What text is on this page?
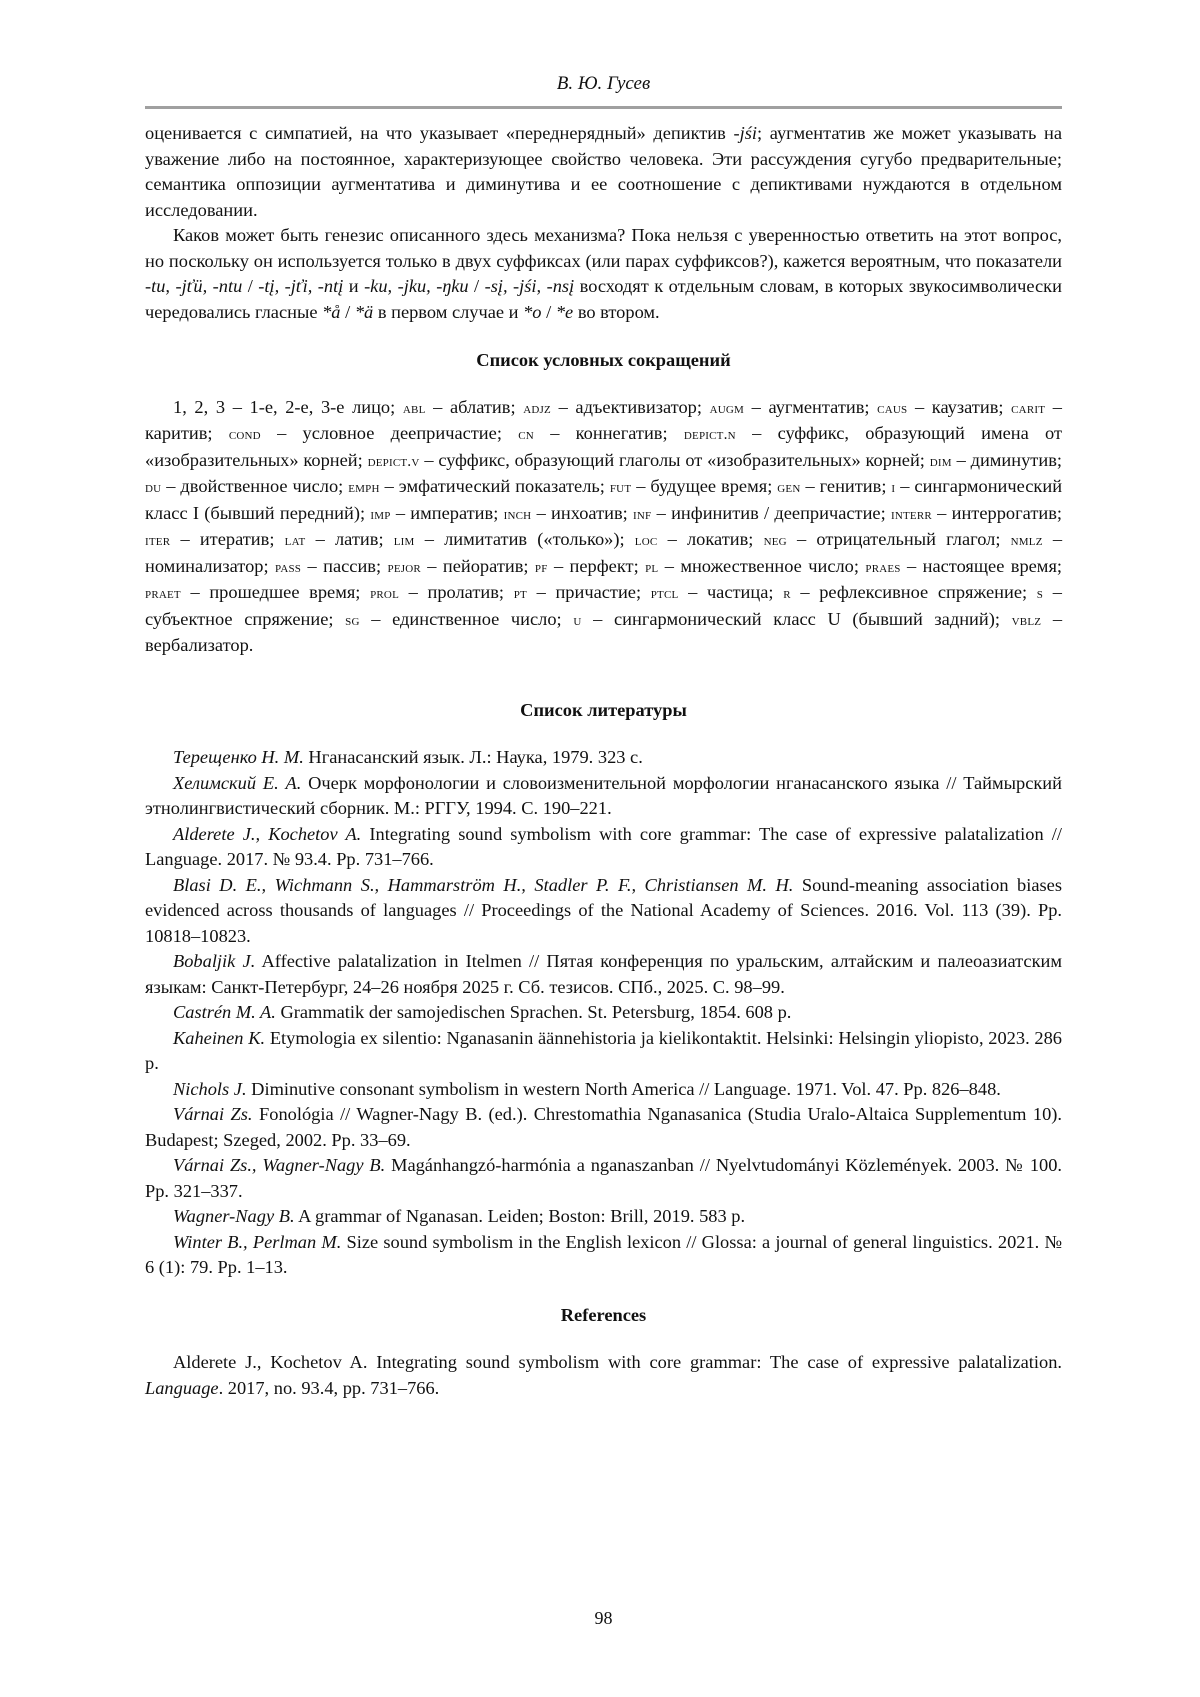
В. Ю. Гусев

оценивается с симпатией, на что указывает «переднерядный» депиктив -jśi; аугментатив же может указывать на уважение либо на постоянное, характеризующее свойство человека. Эти рассуждения сугубо предварительные; семантика оппозиции аугментатива и диминутива и ее соотношение с депиктивами нуждаются в отдельном исследовании.

Каков может быть генезис описанного здесь механизма? Пока нельзя с уверенностью ответить на этот вопрос, но поскольку он используется только в двух суффиксах (или парах суффиксов?), кажется вероятным, что показатели -tu, -jťü, -ntu / -tį, -jťi, -ntį и -ku, -jku, -ŋku / -sį, -jśi, -nsį восходят к отдельным словам, в которых звукосимволически чередовались гласные *å / *ä в первом случае и *o / *e во втором.

Список условных сокращений

1, 2, 3 – 1-е, 2-е, 3-е лицо; abl – аблатив; adjz – адъективизатор; augm – аугментатив; caus – каузатив; carit – каритив; cond – условное деепричастие; cn – коннегатив; depict.n – суффикс, образующий имена от «изобразительных» корней; depict.v – суффикс, образующий глаголы от «изобразительных» корней; dim – диминутив; du – двойственное число; emph – эмфатический показатель; fut – будущее время; gen – генитив; i – сингармонический класс I (бывший передний); imp – императив; inch – инхоатив; inf – инфинитив / деепричастие; interr – интеррогатив; iter – итератив; lat – латив; lim – лимитатив («только»); loc – локатив; neg – отрицательный глагол; nmlz – номинализатор; pass – пассив; pejor – пейоратив; pf – перфект; pl – множественное число; praes – настоящее время; praet – прошедшее время; prol – пролатив; pt – причастие; ptcl – частица; r – рефлексивное спряжение; s – субъектное спряжение; sg – единственное число; u – сингармонический класс U (бывший задний); vblz – вербализатор.

Список литературы

Терещенко Н. М. Нганасанский язык. Л.: Наука, 1979. 323 с.

Хелимский Е. А. Очерк морфонологии и словоизменительной морфологии нганасанского языка // Таймырский этнолингвистический сборник. М.: РГГУ, 1994. С. 190–221.

Alderete J., Kochetov A. Integrating sound symbolism with core grammar: The case of expressive palatalization // Language. 2017. № 93.4. Pp. 731–766.

Blasi D. E., Wichmann S., Hammarström H., Stadler P. F., Christiansen M. H. Sound-meaning association biases evidenced across thousands of languages // Proceedings of the National Academy of Sciences. 2016. Vol. 113 (39). Pp. 10818–10823.

Bobaljik J. Affective palatalization in Itelmen // Пятая конференция по уральским, алтайским и палеоазиатским языкам: Санкт-Петербург, 24–26 ноября 2025 г. Сб. тезисов. СПб., 2025. С. 98–99.

Castrén M. A. Grammatik der samojedischen Sprachen. St. Petersburg, 1854. 608 p.

Kaheinen K. Etymologia ex silentio: Nganasanin äännehistoria ja kielikontaktit. Helsinki: Helsingin yliopisto, 2023. 286 p.

Nichols J. Diminutive consonant symbolism in western North America // Language. 1971. Vol. 47. Pp. 826–848.

Várnai Zs. Fonológia // Wagner-Nagy B. (ed.). Chrestomathia Nganasanica (Studia Uralo-Altaica Supplementum 10). Budapest; Szeged, 2002. Pp. 33–69.

Várnai Zs., Wagner-Nagy B. Magánhangzó-harmónia a nganaszanban // Nyelvtudományi Közlemények. 2003. № 100. Pp. 321–337.

Wagner-Nagy B. A grammar of Nganasan. Leiden; Boston: Brill, 2019. 583 p.

Winter B., Perlman M. Size sound symbolism in the English lexicon // Glossa: a journal of general linguistics. 2021. № 6 (1): 79. Pp. 1–13.

References

Alderete J., Kochetov A. Integrating sound symbolism with core grammar: The case of expressive palatalization. Language. 2017, no. 93.4, pp. 731–766.

98
